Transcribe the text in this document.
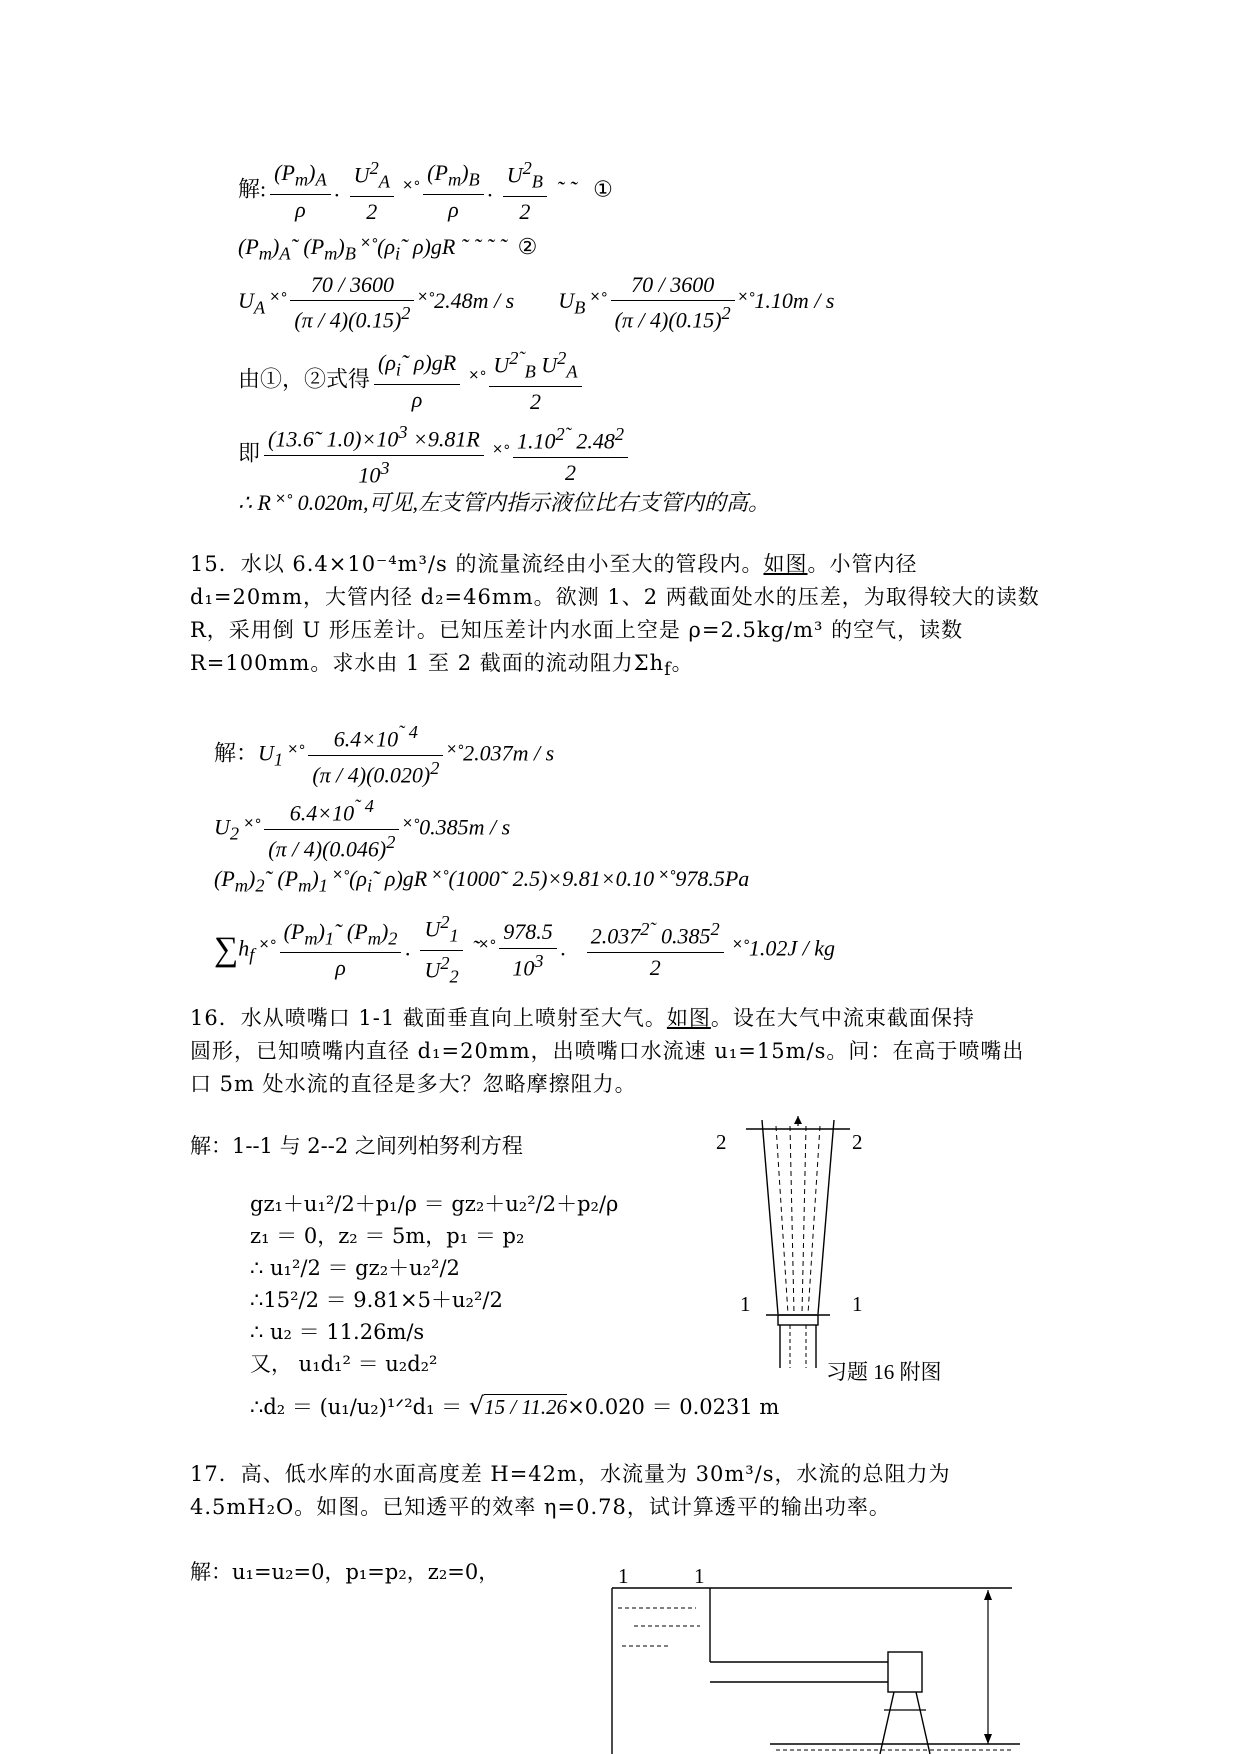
解: $\frac{(P_m)_A}{\rho}$ . $\frac{U^2_A}{2}$ ˟˚ $\frac{(P_m)_B}{\rho}$ . $\frac{U^2_B}{2}$ ˜ ˜ ①
$(P_m)_A˜$ $(P_m)_B$ $˟˚(\rho_i˜$ ρ)gR ˜ ˜ ˜ ˜ ②
$U_A$ ˟˚ $\frac{70 / 3600}{(\pi / 4)(0.15)^2}$ ˟˚2.48m / s $U_B$ ˟˚ $\frac{70 / 3600}{(\pi / 4)(0.15)^2}$ ˟˚1.10m / s
由①，②式得 $\frac{(\rho_i˜ \rho)gR}{\rho}$ ˟˚ $\frac{U^{2˜}_B U^2_A}{2}$
即 $\frac{(13.6˜ 1.0)\times 10^3 \times 9.81R}{10^3}$ ˟˚ $\frac{1.10^{2˜} 2.48^2}{2}$
∴ R ˟˚ 0.020m,可见,左支管内指示液位比右支管内的高。
15．水以 6.4×10⁻⁴m³/s 的流量流经由小至大的管段内。如图。小管内径
d₁=20mm，大管内径 d₂=46mm。欲测 1、2 两截面处水的压差，为取得较大的读数
R，采用倒 U 形压差计。已知压差计内水面上空是 ρ=2.5kg/m³ 的空气，读数
R=100mm。求水由 1 至 2 截面的流动阻力$\Sigma h_f$。
解：$U_1$ ˟˚ $\frac{6.4\times 10^{˜ 4}}{(\pi / 4)(0.020)^2}$ ˟˚2.037m / s
$U_2$ ˟˚ $\frac{6.4\times 10^{˜ 4}}{(\pi / 4)(0.046)^2}$ ˟˚0.385m / s
$(P_m)_2˜$ $(P_m)_1$ $˟˚(\rho_i˜$ ρ)gR ˟˚(1000˜ 2.5)×9.81×0.10 ˟˚978.5Pa
$\sum h_f$ ˟˚ $\frac{(P_m)_1˜ (P_m)_2}{\rho}$ . $\frac{U^2_1}{U^2_2}$ ˜˟˚ $\frac{978.5}{10^3}$ . $\frac{2.037^{2˜} 0.385^2}{2}$ ˟˚1.02J / kg
16．水从喷嘴口 1-1 截面垂直向上喷射至大气。如图。设在大气中流束截面保持
圆形，已知喷嘴内直径 d₁=20mm，出喷嘴口水流速 u₁=15m/s。问：在高于喷嘴出
口 5m 处水流的直径是多大？忽略摩擦阻力。
解：1--1 与 2--2 之间列柏努利方程
gz₁＋u₁²/2＋p₁/ρ ＝ gz₂＋u₂²/2＋p₂/ρ
z₁ ＝ 0，z₂ ＝ 5m，p₁ ＝ p₂
∴ u₁²/2 ＝ gz₂＋u₂²/2
∴15²/2 ＝ 9.81×5＋u₂²/2
∴ u₂ ＝ 11.26m/s
又， u₁d₁² ＝ u₂d₂²
∴d₂ ＝ (u₁/u₂)¹ᐟ²d₁ ＝ √15 / 11.26×0.020 ＝ 0.0231 m
2	2
1	1
习题 16 附图
17．高、低水库的水面高度差 H=42m，水流量为 30m³/s，水流的总阻力为
4.5mH₂O。如图。已知透平的效率 η=0.78，试计算透平的输出功率。
解：u₁=u₂=0，p₁=p₂，z₂=0，	1	1
